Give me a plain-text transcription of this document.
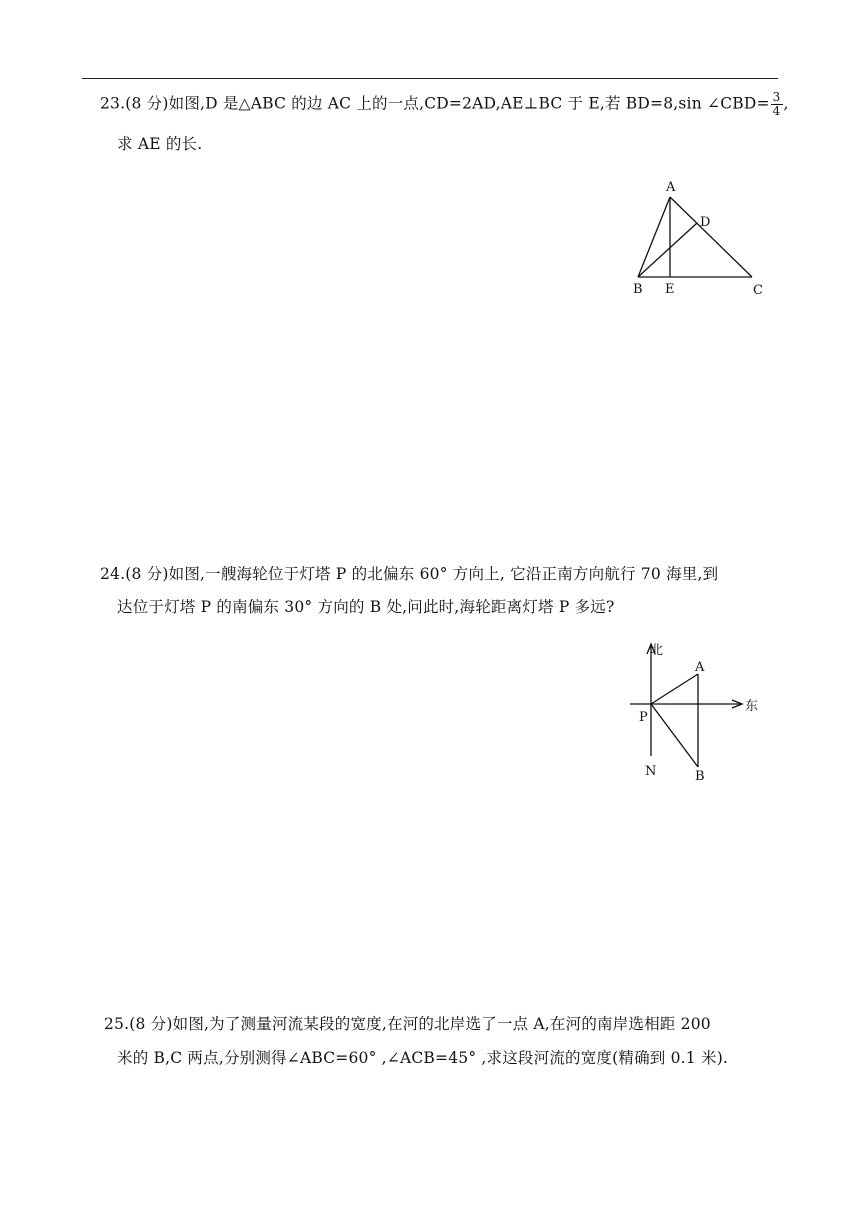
23.(8 分)如图,D 是△ABC 的边 AC 上的一点,CD=2AD,AE⊥BC 于 E,若 BD=8,sin ∠CBD= $\frac{3}{4}$ ,
求 AE 的长.
A
D
B E	C
24.(8 分)如图,一艘海轮位于灯塔 P 的北偏东 60° 方向上, 它沿正南方向航行 70 海里,到
达位于灯塔 P 的南偏东 30° 方向的 B 处,问此时,海轮距离灯塔 P 多远?
北
东
A
P
N	B
25.(8 分)如图,为了测量河流某段的宽度,在河的北岸选了一点 A,在河的南岸选相距 200
米的 B,C 两点,分别测得∠ABC=60° ,∠ACB=45° ,求这段河流的宽度(精确到 0.1 米).
